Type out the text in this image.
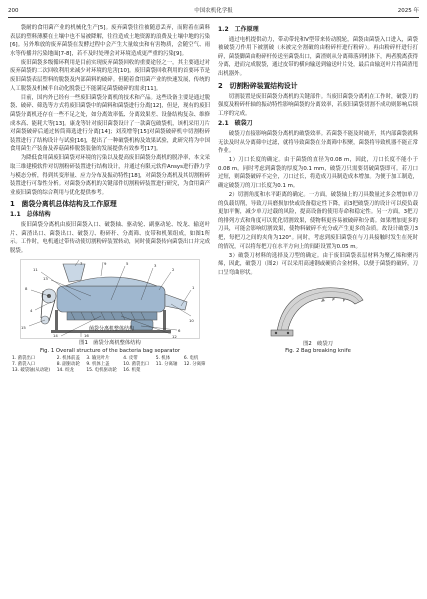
200	中国农机化学报	2025 年

袋耐的食用菌产业的机械化生产[5]。废弃菌袋往往被随意丢弃，而附着在菌料表层的塑料薄膜在土壤中也不易被降解，往往造成土地资源的浪费及土壤中地的污染[6]。另外堆放的废弃菌袋在发酵过程中会产生大量蚊虫和有害物质，会随空气、雨水等传播并污染地面[7-8]，若不及时处理会对环境造成更严重的污染[9]。

废旧菌袋多级循环利用是目前实现废弃菌袋回收的重要途径之一，其主要通过对废弃菌袋的二次回收利用来减少对环境的危害[10]。废旧菌袋回收利用的首要环节是废旧菌袋表层塑料的脱袋及内部菌料的破碎。但随着食用菌产业的快速发展，传统的人工脱袋及机械半自动化脱袋已不能满足菌袋破碎的需求[11]。

目前，国内外已经有一些废旧菌袋分离机的技术和产品。这些设备主要是通过脱袋、破碎、筛选等方式将废旧菌袋中的菌料和菌袋进行分离[12]，但是，现有的废旧菌袋分离机还存在一些不足之处，如分离效率低、分离效果差、设备结构复杂、维修成本高、能耗大等[13]。康龙等针对废旧菌袋设计了一款菌包破袋机，该机采用刀片对菌袋破碎后通过转筒筛选进行分离[14]；刘茂增等[15]对菌袋破碎机中切割粉碎装置进行了结构设计与试验[16]，提出了一种破袋机构及效果试验，此研究将为中国食用菌生产装备及养菇菌棒脱袋装备的发展提供有效参考[17]。

为降低食用菌废旧菌袋对环境的污染以及提高废旧菌袋分离机的脱净率，本文采取三维建模软件对切割粉碎装置进行结构设计，并通过有限元软件Ansys进行静力学与模态分析，得到其变形量、应力分布及振动特性[18]，对菌袋分离机及其切割粉碎装置进行可靠性分析。对菌袋分离机的关键部件切割粉碎装置进行研究，为食用菌产业废旧菌袋的综合利用与优化提供参考。

1　菌袋分离机总体结构及工作原理
1.1　总体结构

废旧菌袋分离机由废旧菌袋入口、破袋轴、驱动轮、副驱动轮、绞龙、输送叶片、菌渣出口、菌袋出口、破袋刀、粉碎秆、分离筛、皮带和机架组成，如图1所示。工作时，电机通过带传动使切割粉碎装置转动，同时使菌袋传向菌袋出口并完成脱袋。

1
2
3
4
5
6
7
8
9
10
11
12
13
14
15
16
菌袋分离机整体结构
图1　菌袋分离机整体结构
Fig. 1 Overall structure of the bacteria bag separator
1. 菌袋出口	2. 机体前盖	3. 输送叶片	4. 皮带	5. 机体	6. 电机
7. 菌袋入口	8. 副驱动轮	9. 机体上盖	10. 菌袋出口	11. 分离轴	12. 分离筛
13. 破袋轴(从动轮)	14. 绞龙	15. 电机驱动轮	16. 机架
1.2　工作原理

通过电机提供动力，带动带轮和V型带来传动脱轮，菌袋由菌袋入口进入，菌袋被破袋刀作用下被割破（未被完全割破的由粉碎杆进行粉碎）。再由粉碎杆进行打碎，菌袋脚菌由粉碎杆传送至菌袋出口，菌渣则从分离筛落到机体下，两者脱离获得分离，进而完成脱袋，通过皮带的横向输送到输送叶片处，最后由输送叶片将菌渣甩出机器外。

2　切割粉碎装置结构设计

切割装置是废旧菌袋分离机的关键部件。当废旧菌袋分离机在工作时，破袋刀的强度及粉碎杆轴的振动特性影响菌袋的分离效率，若废旧菌袋切割不成功则影响后续工序的完成。

2.1　破袋刀

破袋刀直接影响菌袋分离机的破袋效率。若菌袋不能及时破开，其内部菌袋就料无法及时从分离筛中过滤，就将导致菌袋在分离筛中积聚，菌袋将导致机器不能正常作业。

1）刀口长度的确定。由于菌袋的直径为0.08 m，因此，刀口长度不能小于0.08 m。同时考虑到菌袋的厚度为0.1 mm，破袋刀只需要切破菌袋即可。若刀口过短，则菌袋破碎不完全，刀口过长，将造成刀具制造成本增加。为便于加工制造，确定破袋刀的刀口长度为0.1 m。

2）切割角度和水平距离的确定。一方面，破袋轴上的刀具数量过多会增加单刀的负载切削，导致刀具磨损加快或设备稳定性下降，而3把破袋刀的设计可以使负载更加平衡，减少单刀过载的风险，提高设备的使用寿命和稳定性。另一方面，3把刀的排列方式和角度可以优化切割效果，使物料更容易被破碎和分离。如果增加更多的刀具，可能会影响切割效果，使物料破碎不充分或产生更多的杂质。故设计破袋刀3把，每把刀之间的夹角为120°。同时，考虑到废旧菌袋在与刀具接触时发生在死时的情况，可以将每把刀在水平方向上的间距设置为0.05 m。

3）破袋刀材料的选择及刀型的确定。由于废旧菌袋表层材料为聚乙烯和聚丙烯，因此，破袋刀（图2）可以采用高速钢或硬质合金材料，以便于菌袋的破碎，刀口呈弯曲形状。

图2　破袋刀
Fig. 2 Bag breaking knife
